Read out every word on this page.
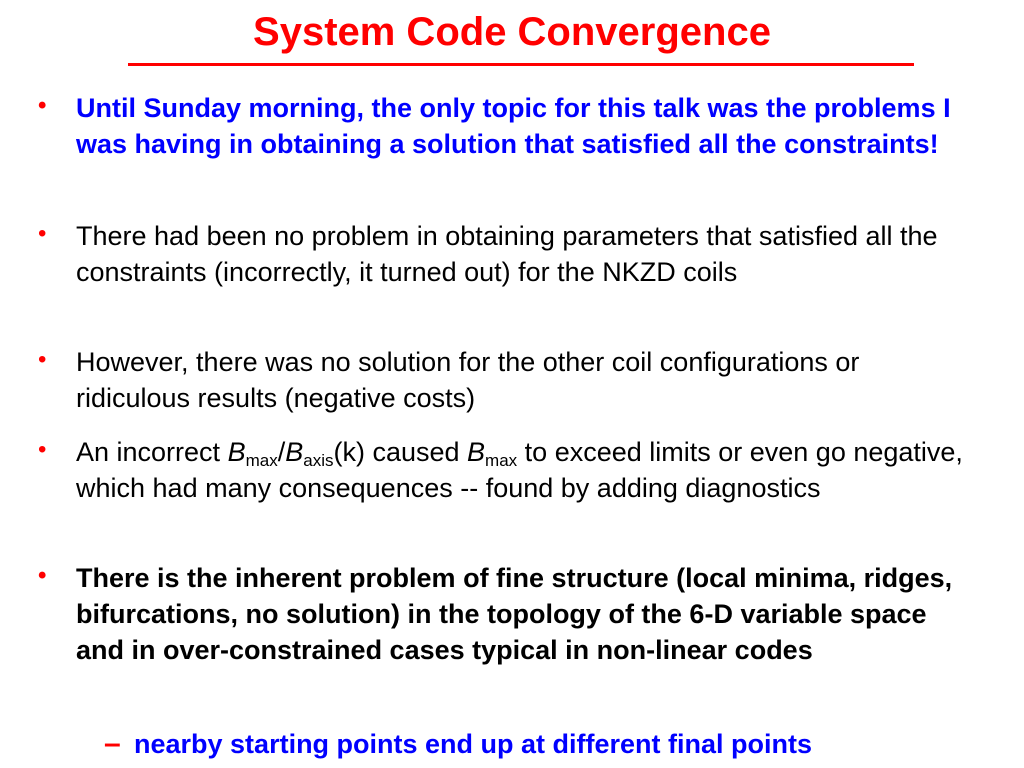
System Code Convergence
• Until Sunday morning, the only topic for this talk was the problems I was having in obtaining a solution that satisfied all the constraints!
• There had been no problem in obtaining parameters that satisfied all the constraints (incorrectly, it turned out) for the NKZD coils
• However, there was no solution for the other coil configurations or ridiculous results (negative costs)
• An incorrect $B_{max}/B_{axis}(k)$ caused $B_{max}$ to exceed limits or even go negative, which had many consequences -- found by adding diagnostics
• There is the inherent problem of fine structure (local minima, ridges, bifurcations, no solution) in the topology of the 6-D variable space and in over-constrained cases typical in non-linear codes
– nearby starting points end up at different final points
